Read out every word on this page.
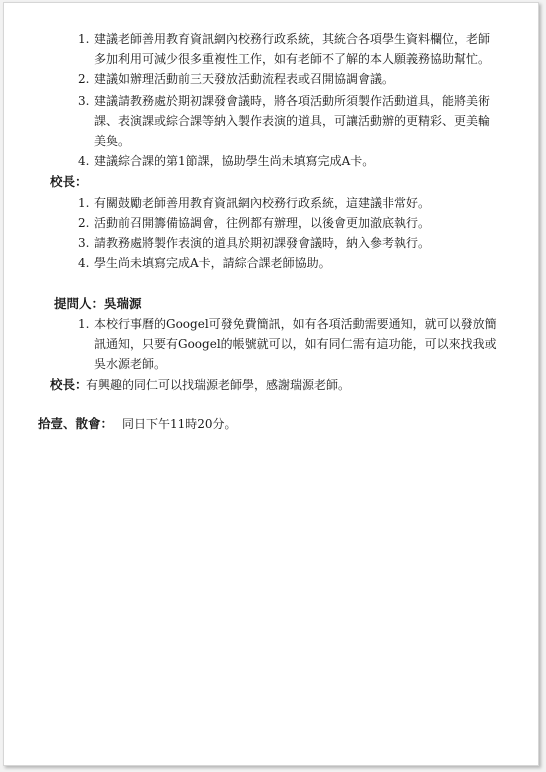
1. 建議老師善用教育資訊網內校務行政系統，其統合各項學生資料欄位，老師
多加利用可減少很多重複性工作，如有老師不了解的本人願義務協助幫忙。
2. 建議如辦理活動前三天發放活動流程表或召開協調會議。
3. 建議請教務處於期初課發會議時，將各項活動所須製作活動道具，能將美術
課、表演課或綜合課等納入製作表演的道具，可讓活動辦的更精彩、更美輪
美奐。
4. 建議綜合課的第1節課，協助學生尚未填寫完成A卡。
校長：
1. 有關鼓勵老師善用教育資訊網內校務行政系統，這建議非常好。
2. 活動前召開籌備協調會，往例都有辦理，以後會更加澈底執行。
3. 請教務處將製作表演的道具於期初課發會議時，納入參考執行。
4. 學生尚未填寫完成A卡，請綜合課老師協助。
提問人：吳瑞源
1. 本校行事曆的Googel可發免費簡訊，如有各項活動需要通知，就可以發放簡
訊通知，只要有Googel的帳號就可以，如有同仁需有這功能，可以來找我或
吳水源老師。
校長：
有興趣的同仁可以找瑞源老師學，感謝瑞源老師。
拾壹、散會： 同日下午11時20分。
